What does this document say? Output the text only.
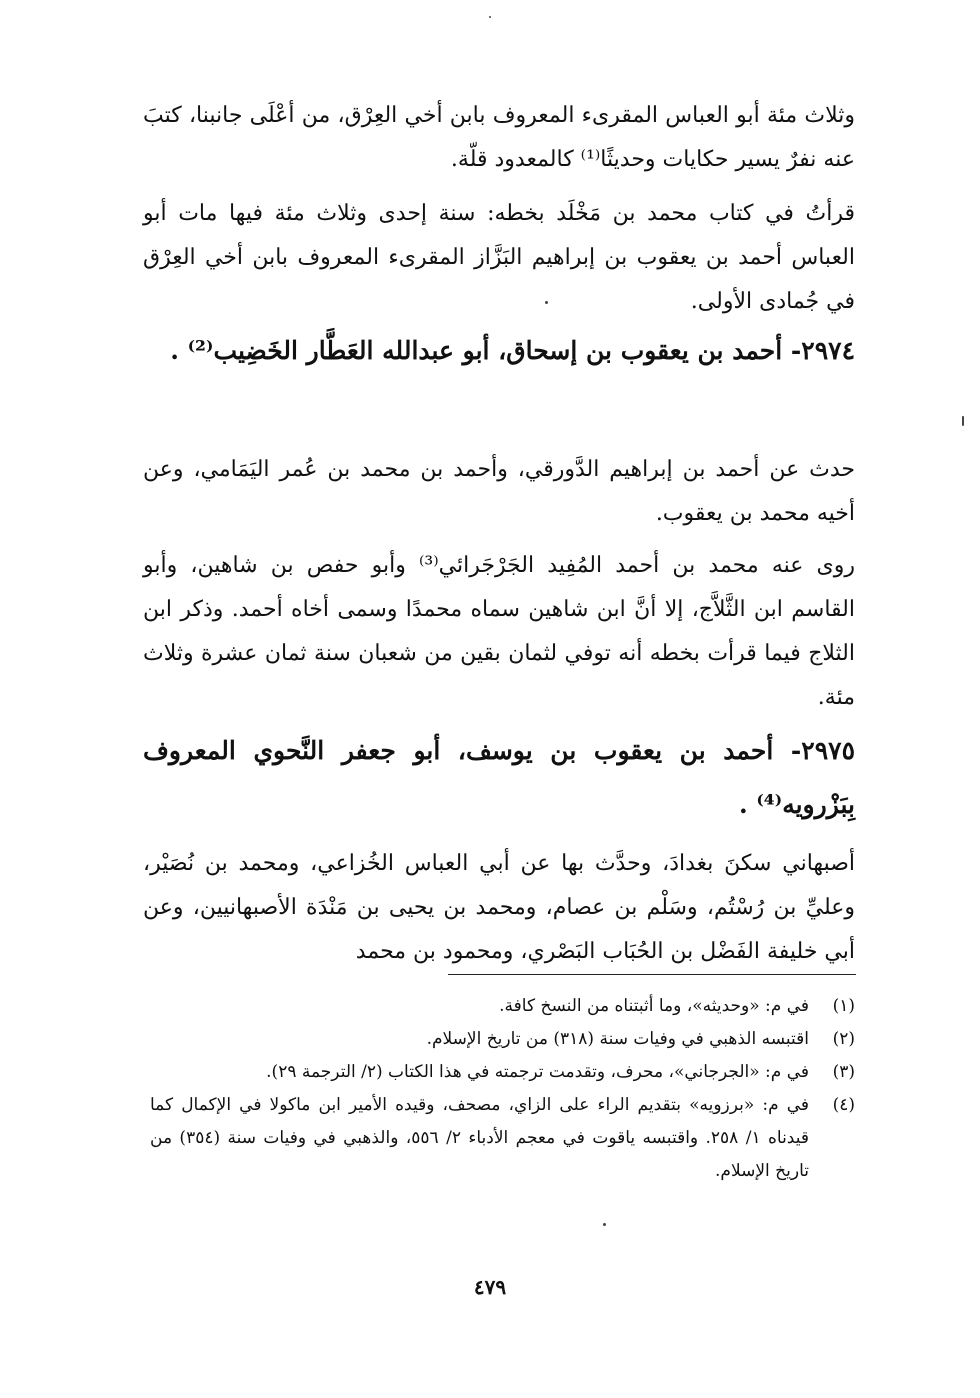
وثلاث مئة أبو العباس المقرىء المعروف بابن أخي العِرْق، من أعْلَى جانبنا، كتبَ عنه نفرٌ يسير حكايات وحديثًا⁽¹⁾ كالمعدود قلّة.

قرأتُ في كتاب محمد بن مَخْلَد بخطه: سنة إحدى وثلاث مئة فيها مات أبو العباس أحمد بن يعقوب بن إبراهيم البَزَّاز المقرىء المعروف بابن أخي العِرْق في جُمادى الأولى.

٢٩٧٤- أحمد بن يعقوب بن إسحاق، أبو عبدالله العَطَّار الخَضِيب⁽²⁾ .

حدث عن أحمد بن إبراهيم الدَّورقي، وأحمد بن محمد بن عُمر اليَمَامي، وعن أخيه محمد بن يعقوب.

روى عنه محمد بن أحمد المُفِيد الجَرْجَرائي⁽³⁾ وأبو حفص بن شاهين، وأبو القاسم ابن الثَّلاَّج، إلا أنَّ ابن شاهين سماه محمدًا وسمى أخاه أحمد. وذكر ابن الثلاج فيما قرأت بخطه أنه توفي لثمان بقين من شعبان سنة ثمان عشرة وثلاث مئة.

٢٩٧٥- أحمد بن يعقوب بن يوسف، أبو جعفر النَّحوي المعروف بِبَزْرويه⁽⁴⁾ .

أصبهاني سكنَ بغدادَ، وحدَّث بها عن أبي العباس الخُزاعي، ومحمد بن نُصَيْر، وعليِّ بن رُسْتُم، وسَلْم بن عصام، ومحمد بن يحيى بن مَنْدَة الأصبهانيين، وعن أبي خليفة الفَضْل بن الحُبَاب البَصْري، ومحمود بن محمد

(١)
في م: «وحديثه»، وما أثبتناه من النسخ كافة.
(٢)
اقتبسه الذهبي في وفيات سنة (٣١٨) من تاريخ الإسلام.
(٣)
في م: «الجرجاني»، محرف، وتقدمت ترجمته في هذا الكتاب (٢/ الترجمة ٢٩).
(٤)
في م: «برزويه» بتقديم الراء على الزاي، مصحف، وقيده الأمير ابن ماكولا في الإكمال كما قيدناه ١/ ٢٥٨. واقتبسه ياقوت في معجم الأدباء ٢/ ٥٥٦، والذهبي في وفيات سنة (٣٥٤) من تاريخ الإسلام.
٤٧٩
